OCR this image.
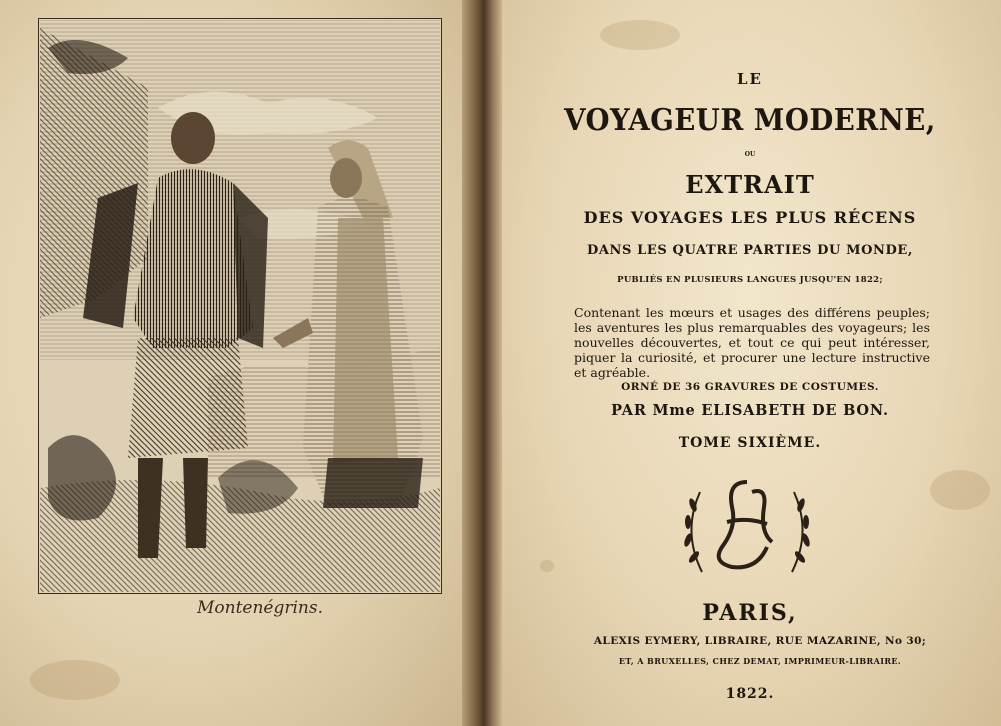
Montenégrins.
LE
VOYAGEUR MODERNE,
ou
EXTRAIT
DES VOYAGES LES PLUS RÉCENS
DANS LES QUATRE PARTIES DU MONDE,
PUBLIÉS EN PLUSIEURS LANGUES JUSQU'EN 1822;
Contenant les mœurs et usages des différens peuples; les aventures les plus remarquables des voyageurs; les nouvelles découvertes, et tout ce qui peut intéresser, piquer la curiosité, et procurer une lecture instructive et agréable.
ORNÉ DE 36 GRAVURES DE COSTUMES.
PAR Mme ELISABETH DE BON.
TOME SIXIÈME.
PARIS,
ALEXIS EYMERY, LIBRAIRE, RUE MAZARINE, No 30;
ET, A BRUXELLES, CHEZ DEMAT, IMPRIMEUR-LIBRAIRE.
1822.
